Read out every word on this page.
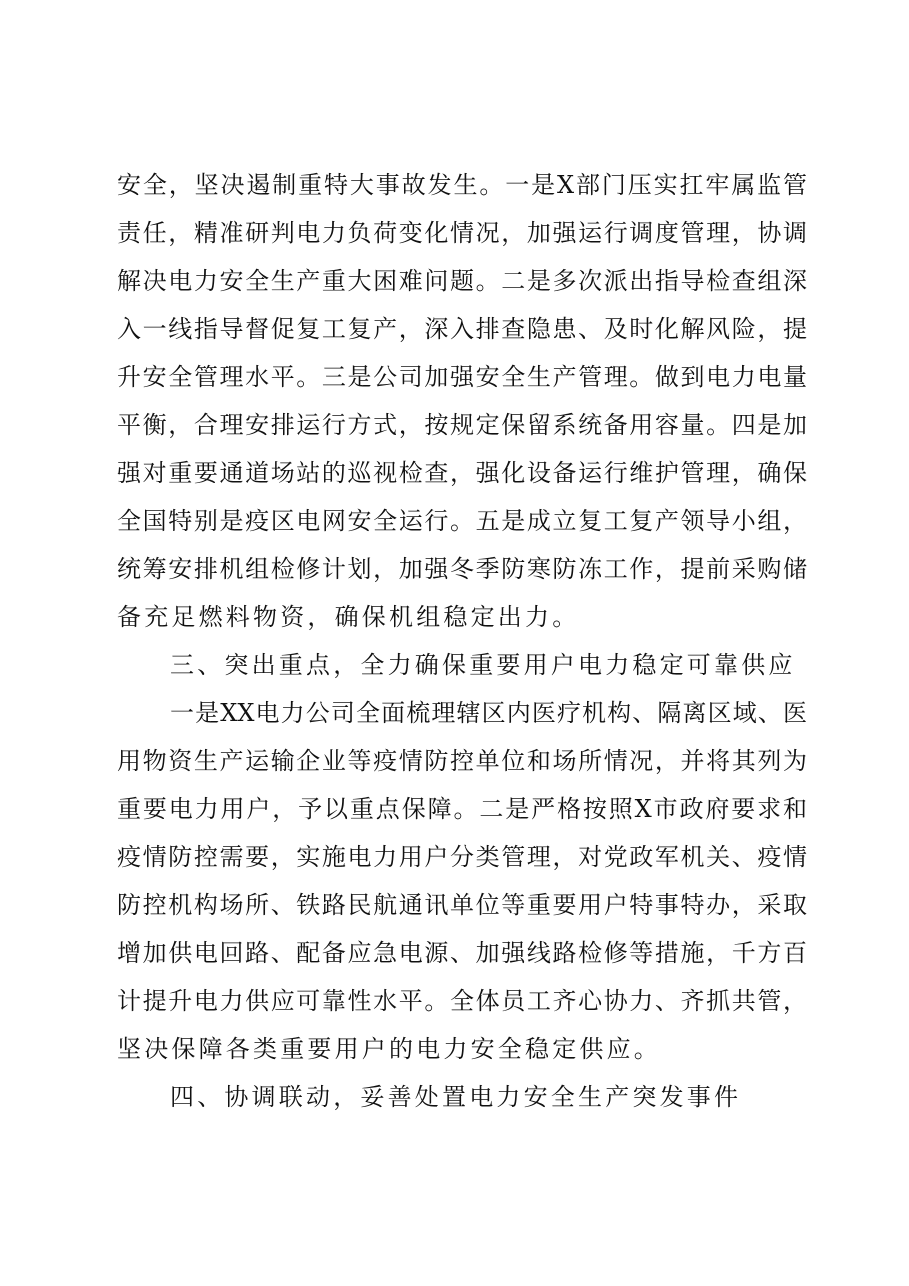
安全，坚决遏制重特大事故发生。一是X部门压实扛牢属监管
责任，精准研判电力负荷变化情况，加强运行调度管理，协调
解决电力安全生产重大困难问题。二是多次派出指导检查组深
入一线指导督促复工复产，深入排查隐患、及时化解风险，提
升安全管理水平。三是公司加强安全生产管理。做到电力电量
平衡，合理安排运行方式，按规定保留系统备用容量。四是加
强对重要通道场站的巡视检查，强化设备运行维护管理，确保
全国特别是疫区电网安全运行。五是成立复工复产领导小组，
统筹安排机组检修计划，加强冬季防寒防冻工作，提前采购储
备充足燃料物资，确保机组稳定出力。
三、突出重点，全力确保重要用户电力稳定可靠供应
一是XX电力公司全面梳理辖区内医疗机构、隔离区域、医
用物资生产运输企业等疫情防控单位和场所情况，并将其列为
重要电力用户，予以重点保障。二是严格按照X市政府要求和
疫情防控需要，实施电力用户分类管理，对党政军机关、疫情
防控机构场所、铁路民航通讯单位等重要用户特事特办，采取
增加供电回路、配备应急电源、加强线路检修等措施，千方百
计提升电力供应可靠性水平。全体员工齐心协力、齐抓共管，
坚决保障各类重要用户的电力安全稳定供应。
四、协调联动，妥善处置电力安全生产突发事件
